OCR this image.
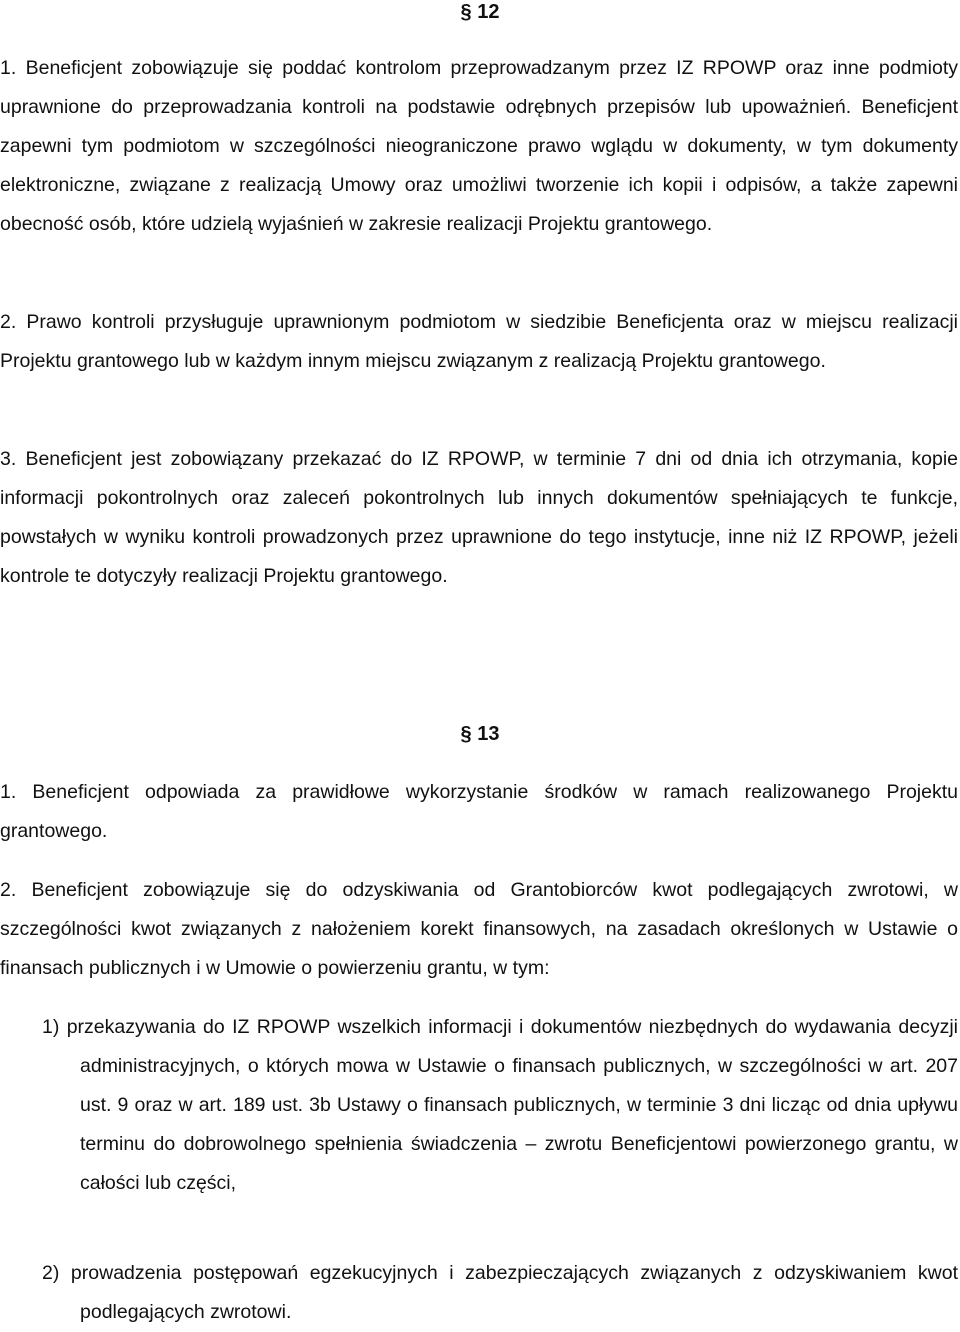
§ 12

1. Beneficjent zobowiązuje się poddać kontrolom przeprowadzanym przez IZ RPOWP oraz inne podmioty uprawnione do przeprowadzania kontroli na podstawie odrębnych przepisów lub upoważnień. Beneficjent zapewni tym podmiotom w szczególności nieograniczone prawo wglądu w dokumenty, w tym dokumenty elektroniczne, związane z realizacją Umowy oraz umożliwi tworzenie ich kopii i odpisów, a także zapewni obecność osób, które udzielą wyjaśnień w zakresie realizacji Projektu grantowego.

2. Prawo kontroli przysługuje uprawnionym podmiotom w siedzibie Beneficjenta oraz w miejscu realizacji Projektu grantowego lub w każdym innym miejscu związanym z realizacją Projektu grantowego.

3. Beneficjent jest zobowiązany przekazać do IZ RPOWP, w terminie 7 dni od dnia ich otrzymania, kopie informacji pokontrolnych oraz zaleceń pokontrolnych lub innych dokumentów spełniających te funkcje, powstałych w wyniku kontroli prowadzonych przez uprawnione do tego instytucje, inne niż IZ RPOWP, jeżeli kontrole te dotyczyły realizacji Projektu grantowego.

§ 13

1. Beneficjent odpowiada za prawidłowe wykorzystanie środków w ramach realizowanego Projektu grantowego.

2. Beneficjent zobowiązuje się do odzyskiwania od Grantobiorców kwot podlegających zwrotowi, w szczególności kwot związanych z nałożeniem korekt finansowych, na zasadach określonych w Ustawie o finansach publicznych i w Umowie o powierzeniu grantu, w tym:

1) przekazywania do IZ RPOWP wszelkich informacji i dokumentów niezbędnych do wydawania decyzji administracyjnych, o których mowa w Ustawie o finansach publicznych, w szczególności w art. 207 ust. 9 oraz w art. 189 ust. 3b Ustawy o finansach publicznych, w terminie 3 dni licząc od dnia upływu terminu do dobrowolnego spełnienia świadczenia – zwrotu Beneficjentowi powierzonego grantu, w całości lub części,

2) prowadzenia postępowań egzekucyjnych i zabezpieczających związanych z odzyskiwaniem kwot podlegających zwrotowi.
